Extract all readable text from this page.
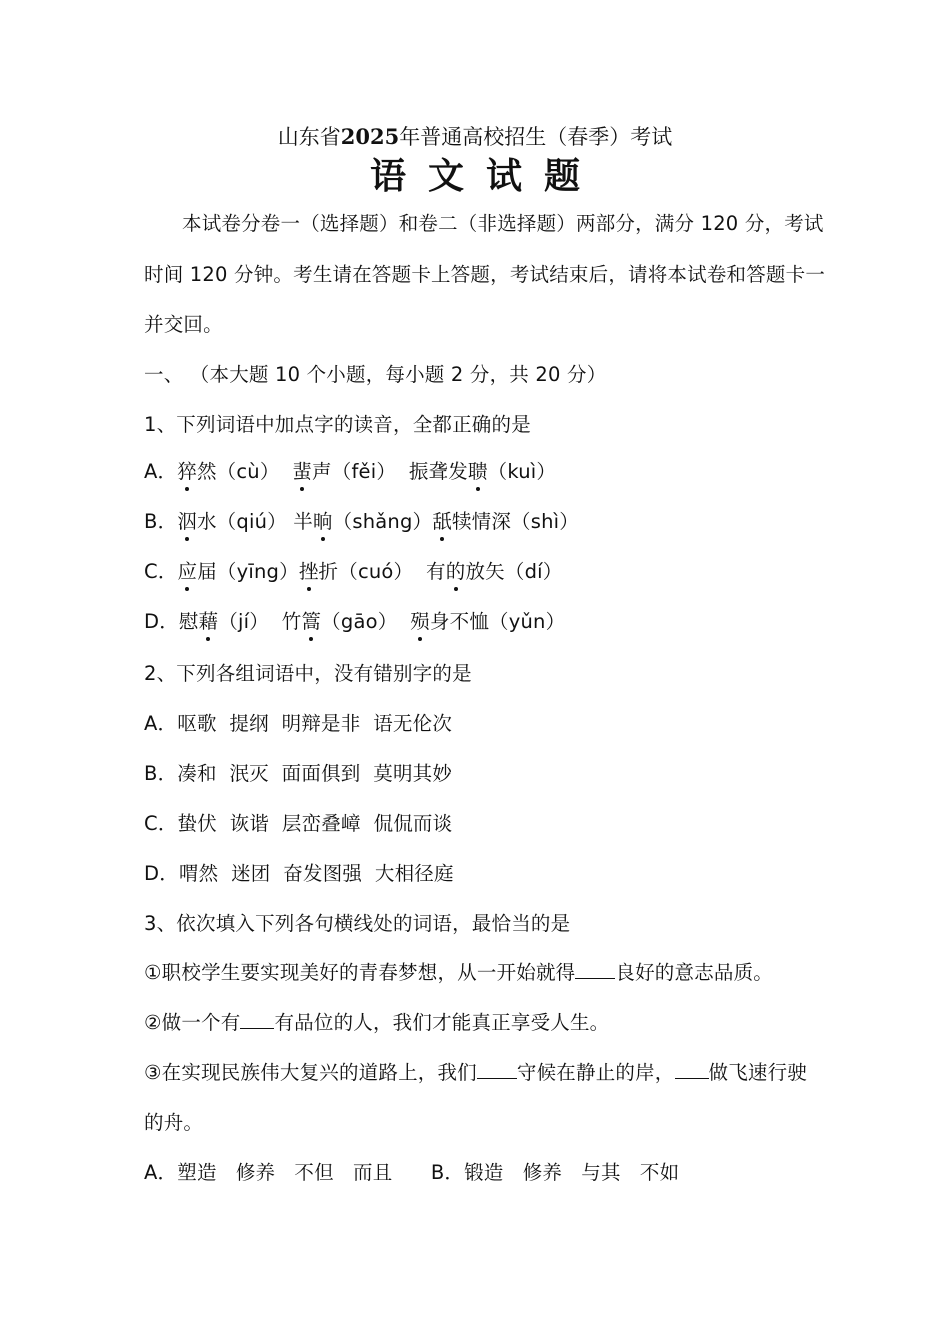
山东省2025年普通高校招生（春季）考试
语文试题
本试卷分卷一（选择题）和卷二（非选择题）两部分，满分 120 分，考试
时间 120 分钟。考生请在答题卡上答题，考试结束后，请将本试卷和答题卡一
并交回。
一、 （本大题 10 个小题，每小题 2 分，共 20 分）
1、下列词语中加点字的读音，全都正确的是
A．猝然（cù）  蜚声（fěi）  振聋发聩（kuì）
B．泅水（qiú） 半晌（shǎng）舐犊情深（shì）
C．应届（yīng）挫折（cuó）  有的放矢（dí）
D．慰藉（jí）  竹篙（gāo）  殒身不恤（yǔn）
2、下列各组词语中，没有错别字的是
A．呕歌  提纲  明辩是非  语无伦次
B．凑和  泯灭  面面俱到  莫明其妙
C．蛰伏  诙谐  层峦叠嶂  侃侃而谈
D．喟然  迷团  奋发图强  大相径庭
3、依次填入下列各句横线处的词语，最恰当的是
①职校学生要实现美好的青春梦想，从一开始就得 良好的意志品质。
②做一个有 有品位的人，我们才能真正享受人生。
③在实现民族伟大复兴的道路上，我们 守候在静止的岸， 做飞速行驶
的舟。
A．塑造   修养   不但   而且      B．锻造   修养   与其   不如
